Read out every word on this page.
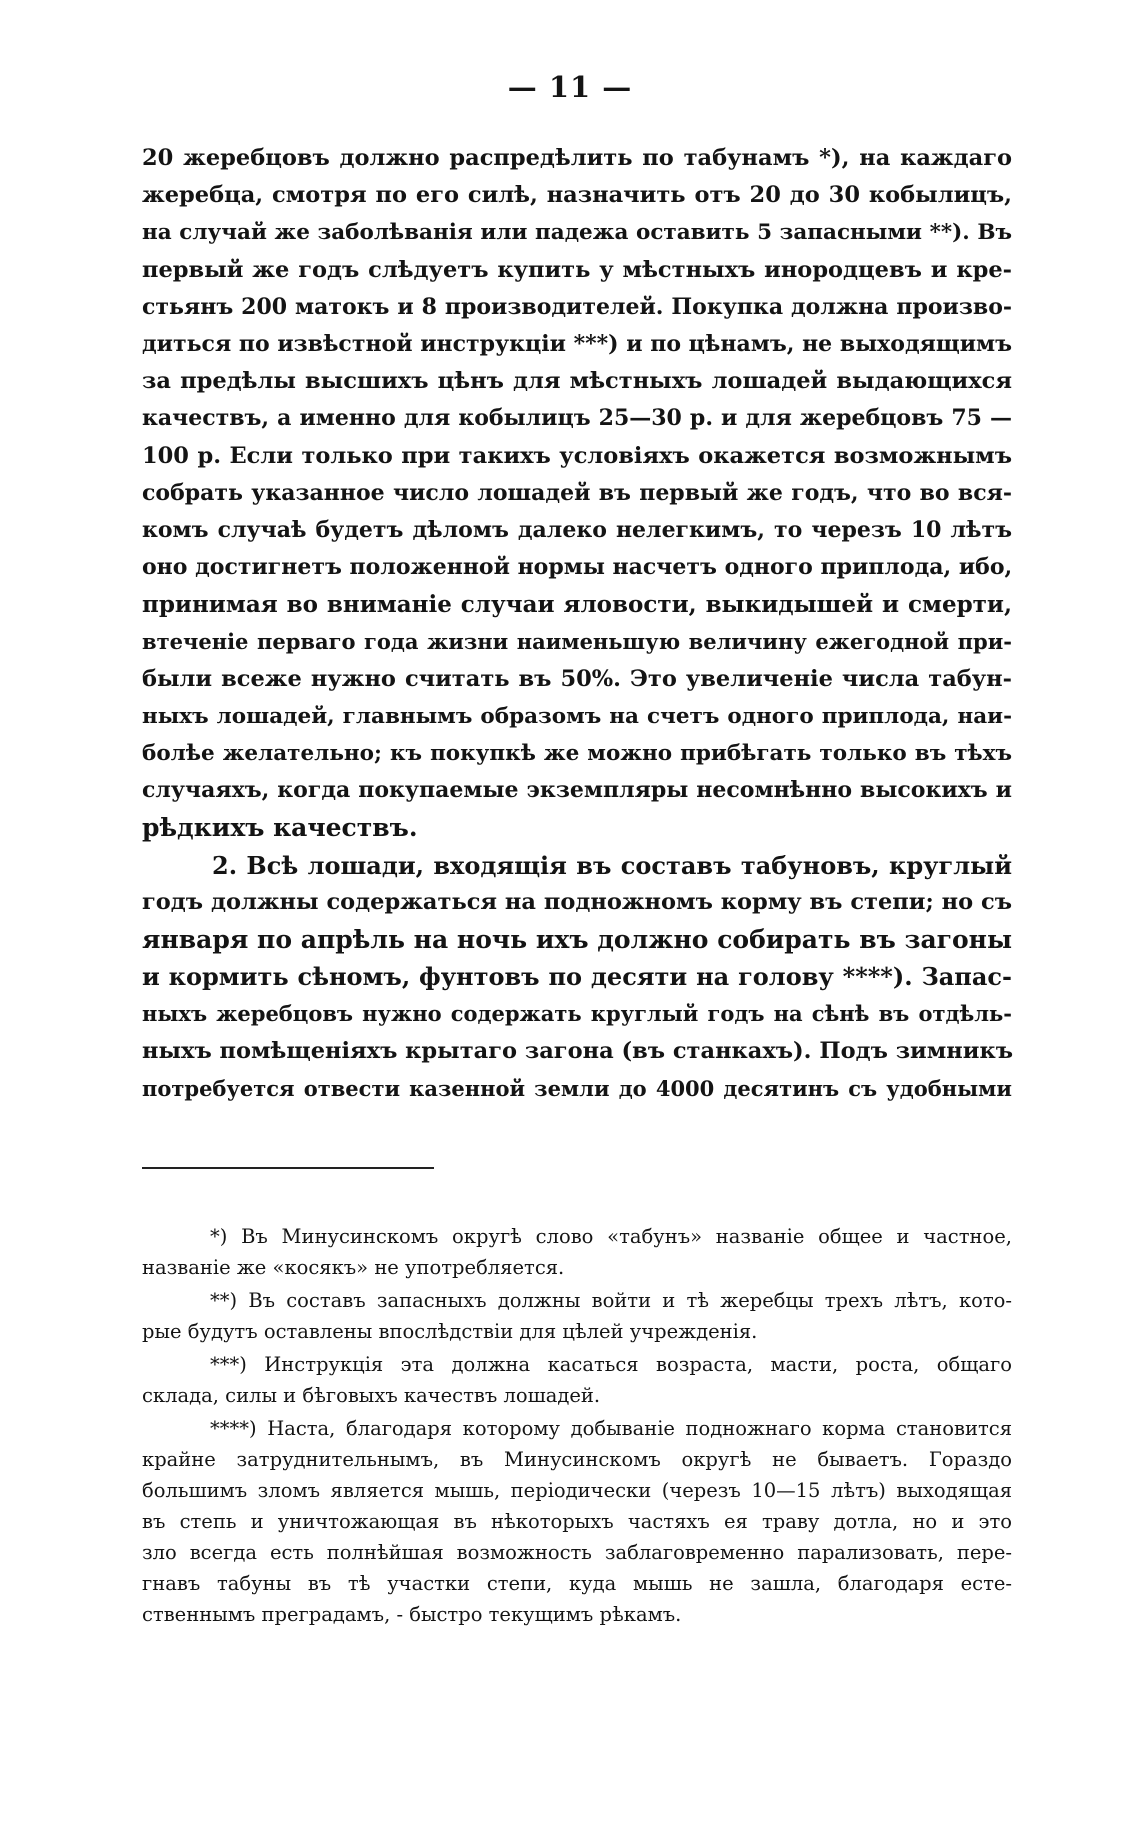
— 11 —
20 жеребцовъ должно распредѣлить по табунамъ *), на каждаго
жеребца, смотря по его силѣ, назначить отъ 20 до 30 кобылицъ,
на случай же заболѣванія или падежа оставить 5 запасными **). Въ
первый же годъ слѣдуетъ купить у мѣстныхъ инородцевъ и кре-
стьянъ 200 матокъ и 8 производителей. Покупка должна произво-
диться по извѣстной инструкціи ***) и по цѣнамъ, не выходящимъ
за предѣлы высшихъ цѣнъ для мѣстныхъ лошадей выдающихся
качествъ, а именно для кобылицъ 25—30 р. и для жеребцовъ 75 —
100 р. Если только при такихъ условіяхъ окажется возможнымъ
собрать указанное число лошадей въ первый же годъ, что во вся-
комъ случаѣ будетъ дѣломъ далеко нелегкимъ, то черезъ 10 лѣтъ
оно достигнетъ положенной нормы насчетъ одного приплода, ибо,
принимая во вниманіе случаи яловости, выкидышей и смерти,
втеченіе перваго года жизни наименьшую величину ежегодной при-
были всеже нужно считать въ 50%. Это увеличеніе числа табун-
ныхъ лошадей, главнымъ образомъ на счетъ одного приплода, наи-
болѣе желательно; къ покупкѣ же можно прибѣгать только въ тѣхъ
случаяхъ, когда покупаемые экземпляры несомнѣнно высокихъ и
рѣдкихъ качествъ.
2. Всѣ лошади, входящія въ составъ табуновъ, круглый
годъ должны содержаться на подножномъ корму въ степи; но съ
января по апрѣль на ночь ихъ должно собирать въ загоны
и кормить сѣномъ, фунтовъ по десяти на голову ****). Запас-
ныхъ жеребцовъ нужно содержать круглый годъ на сѣнѣ въ отдѣль-
ныхъ помѣщеніяхъ крытаго загона (въ станкахъ). Подъ зимникъ
потребуется отвести казенной земли до 4000 десятинъ съ удобными
*) Въ Минусинскомъ округѣ слово «табунъ» названіе общее и частное,
названіе же «косякъ» не употребляется.
**) Въ составъ запасныхъ должны войти и тѣ жеребцы трехъ лѣтъ, кото-
рые будутъ оставлены впослѣдствіи для цѣлей учрежденія.
***) Инструкція эта должна касаться возраста, масти, роста, общаго
склада, силы и бѣговыхъ качествъ лошадей.
****) Наста, благодаря которому добываніе подножнаго корма становится
крайне затруднительнымъ, въ Минусинскомъ округѣ не бываетъ. Гораздо
большимъ зломъ является мышь, періодически (черезъ 10—15 лѣтъ) выходящая
въ степь и уничтожающая въ нѣкоторыхъ частяхъ ея траву дотла, но и это
зло всегда есть полнѣйшая возможность заблаговременно парализовать, пере-
гнавъ табуны въ тѣ участки степи, куда мышь не зашла, благодаря есте-
ственнымъ преградамъ, - быстро текущимъ рѣкамъ.
